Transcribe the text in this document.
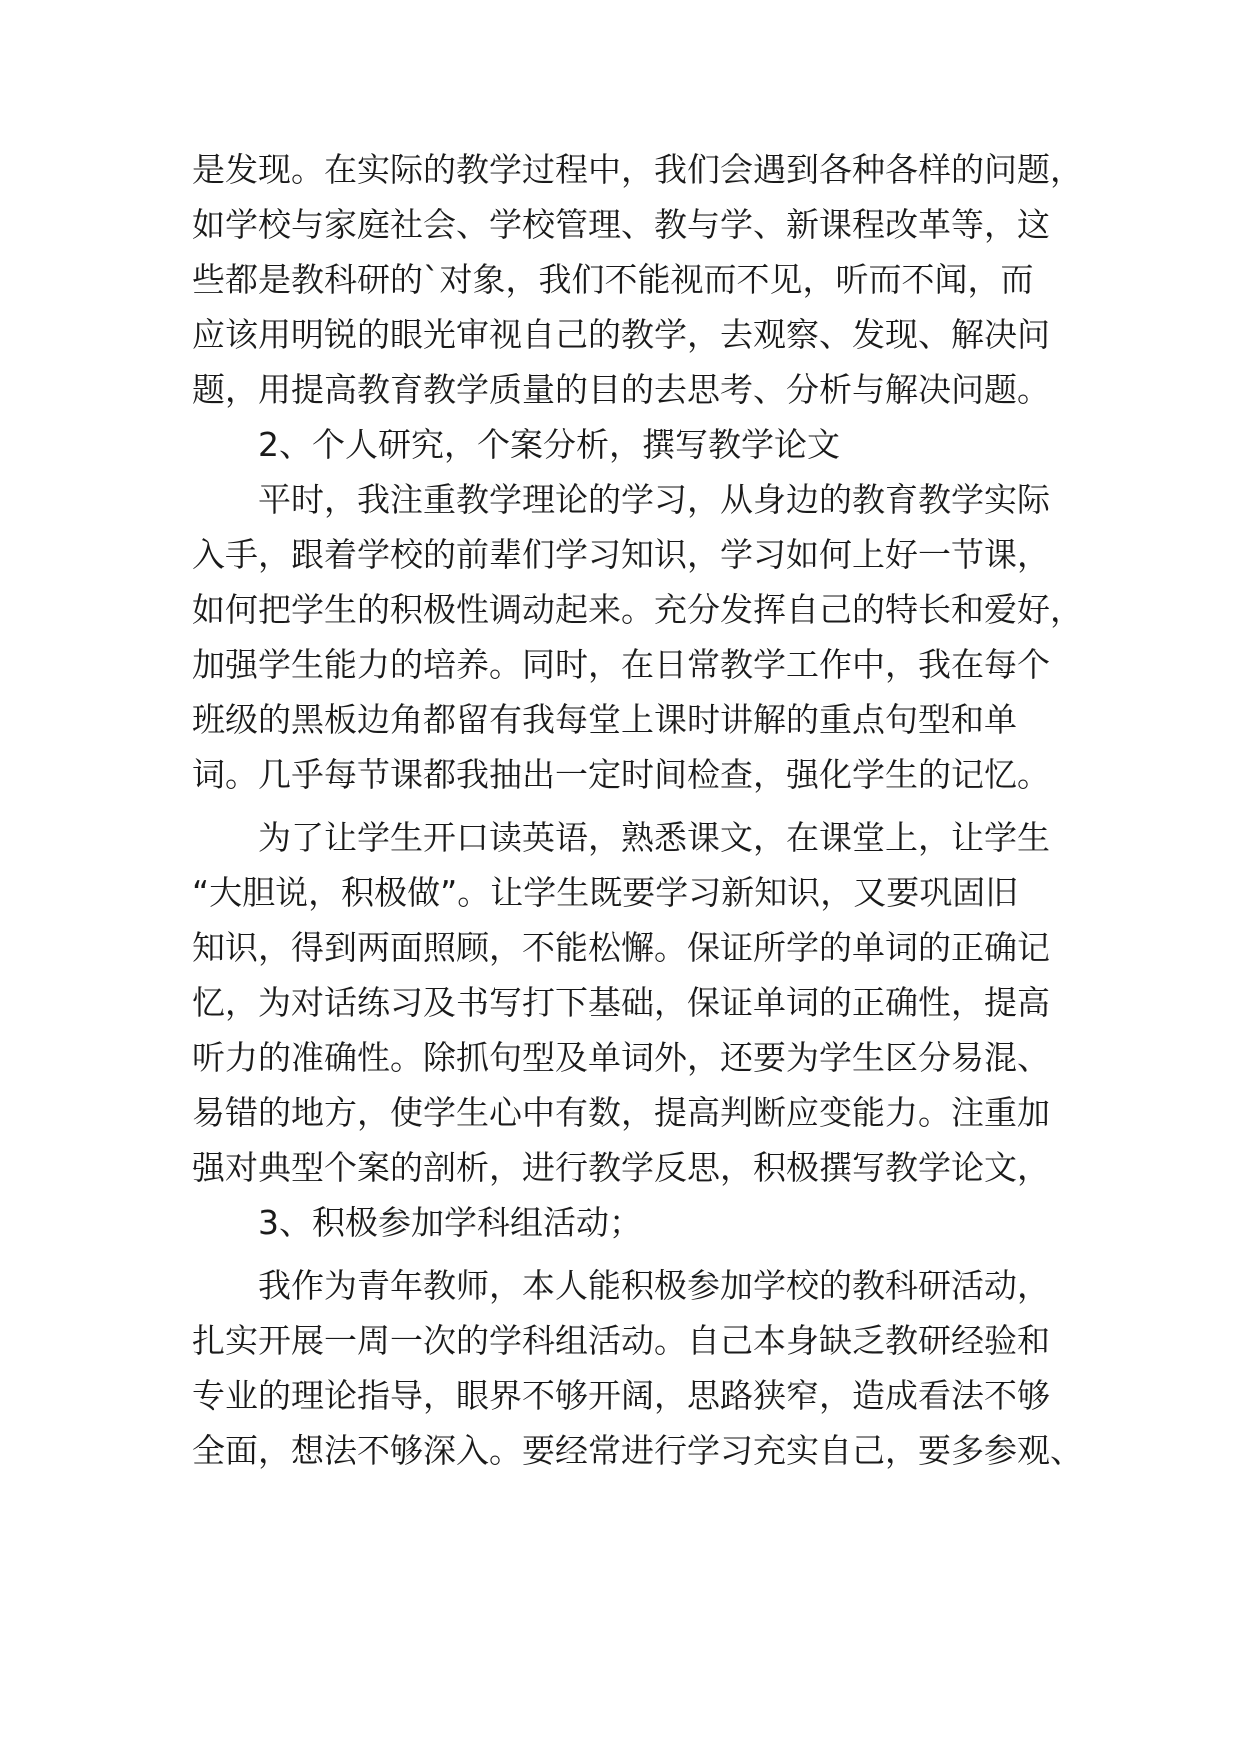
是发现。在实际的教学过程中，我们会遇到各种各样的问题，
如学校与家庭社会、学校管理、教与学、新课程改革等，这
些都是教科研的`对象，我们不能视而不见，听而不闻，而
应该用明锐的眼光审视自己的教学，去观察、发现、解决问
题，用提高教育教学质量的目的去思考、分析与解决问题。
2、个人研究，个案分析，撰写教学论文
平时，我注重教学理论的学习，从身边的教育教学实际
入手，跟着学校的前辈们学习知识，学习如何上好一节课，
如何把学生的积极性调动起来。充分发挥自己的特长和爱好，
加强学生能力的培养。同时，在日常教学工作中，我在每个
班级的黑板边角都留有我每堂上课时讲解的重点句型和单
词。几乎每节课都我抽出一定时间检查，强化学生的记忆。
为了让学生开口读英语，熟悉课文，在课堂上，让学生
“大胆说，积极做”。让学生既要学习新知识，又要巩固旧
知识，得到两面照顾，不能松懈。保证所学的单词的正确记
忆，为对话练习及书写打下基础，保证单词的正确性，提高
听力的准确性。除抓句型及单词外，还要为学生区分易混、
易错的地方，使学生心中有数，提高判断应变能力。注重加
强对典型个案的剖析，进行教学反思，积极撰写教学论文，
3、积极参加学科组活动；
我作为青年教师，本人能积极参加学校的教科研活动，
扎实开展一周一次的学科组活动。自己本身缺乏教研经验和
专业的理论指导，眼界不够开阔，思路狭窄，造成看法不够
全面，想法不够深入。要经常进行学习充实自己，要多参观、
